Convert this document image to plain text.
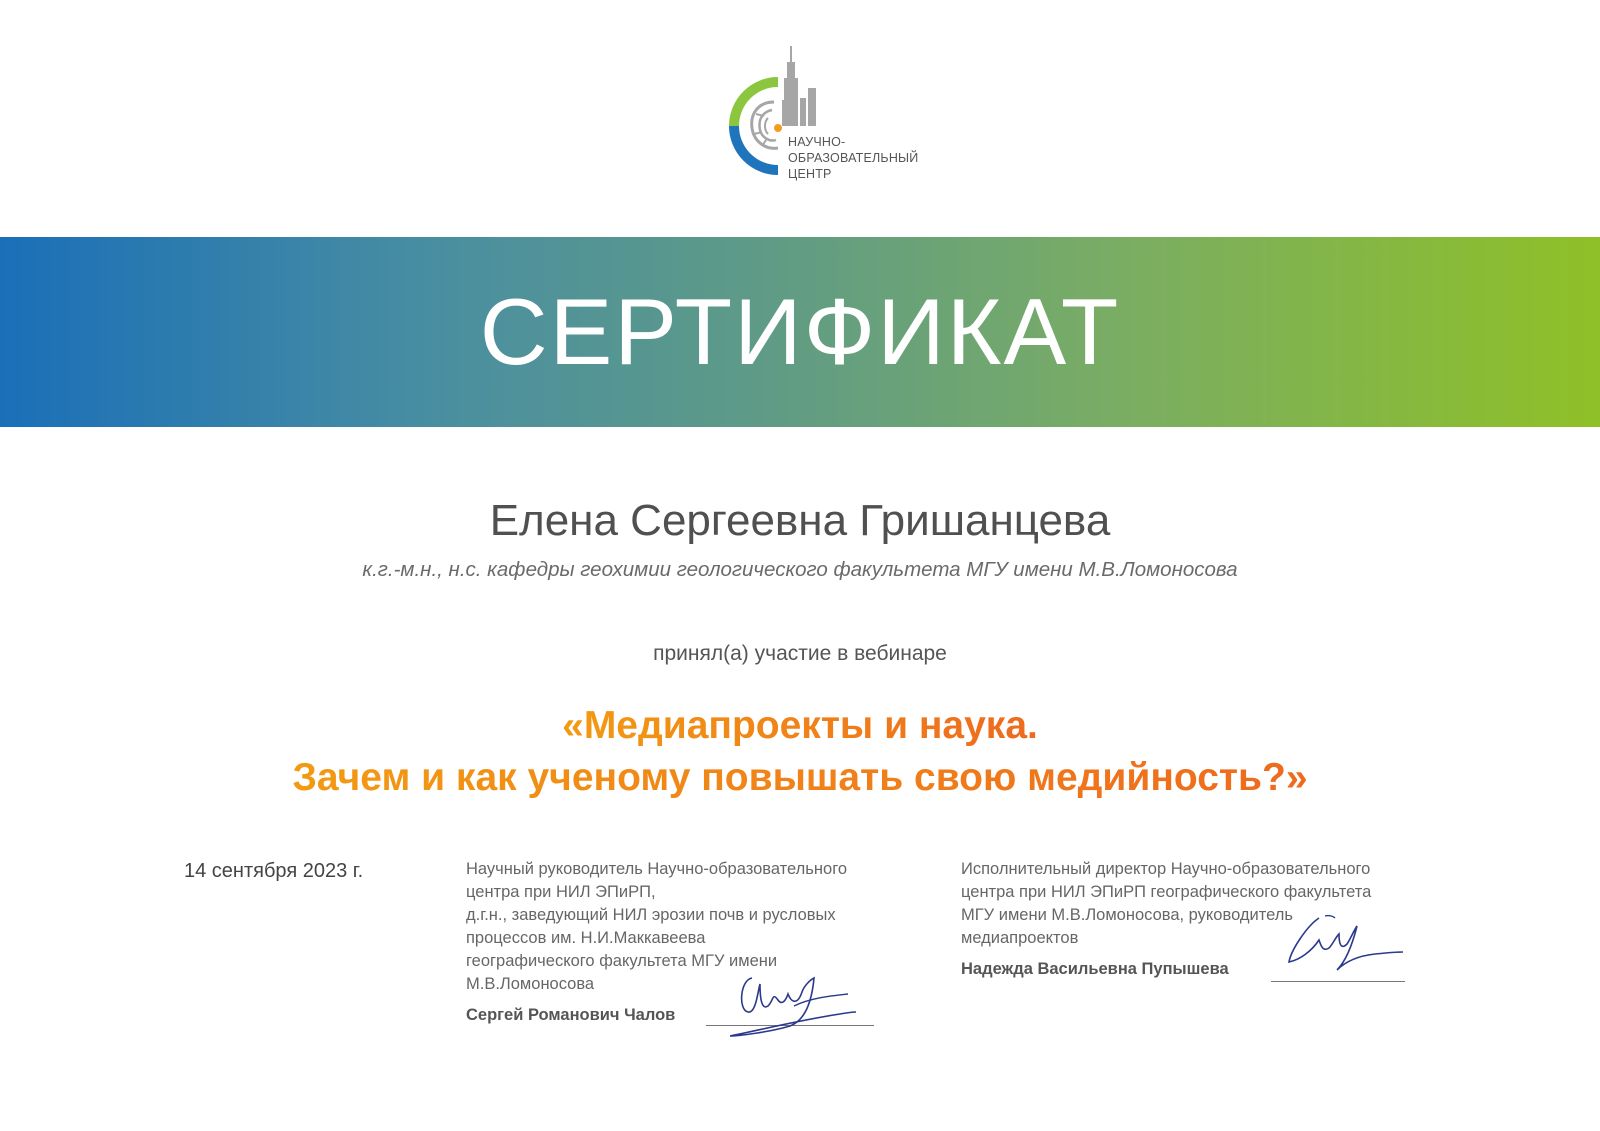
НАУЧНО-
ОБРАЗОВАТЕЛЬНЫЙ
ЦЕНТР
СЕРТИФИКАТ
Елена Сергеевна Гришанцева
к.г.-м.н., н.с. кафедры геохимии геологического факультета МГУ имени М.В.Ломоносова
принял(а) участие в вебинаре
«Медиапроекты и наука.
Зачем и как ученому повышать свою медийность?»
14 сентября 2023 г.	Научный руководитель Научно-образовательного
центра при НИЛ ЭПиРП,
д.г.н., заведующий НИЛ эрозии почв и русловых
процессов им. Н.И.Маккавеева
географического факультета МГУ имени
М.В.Ломоносова
Сергей Романович Чалов
Исполнительный директор Научно-образовательного
центра при НИЛ ЭПиРП географического факультета
МГУ имени М.В.Ломоносова, руководитель
медиапроектов
Надежда Васильевна Пупышева
